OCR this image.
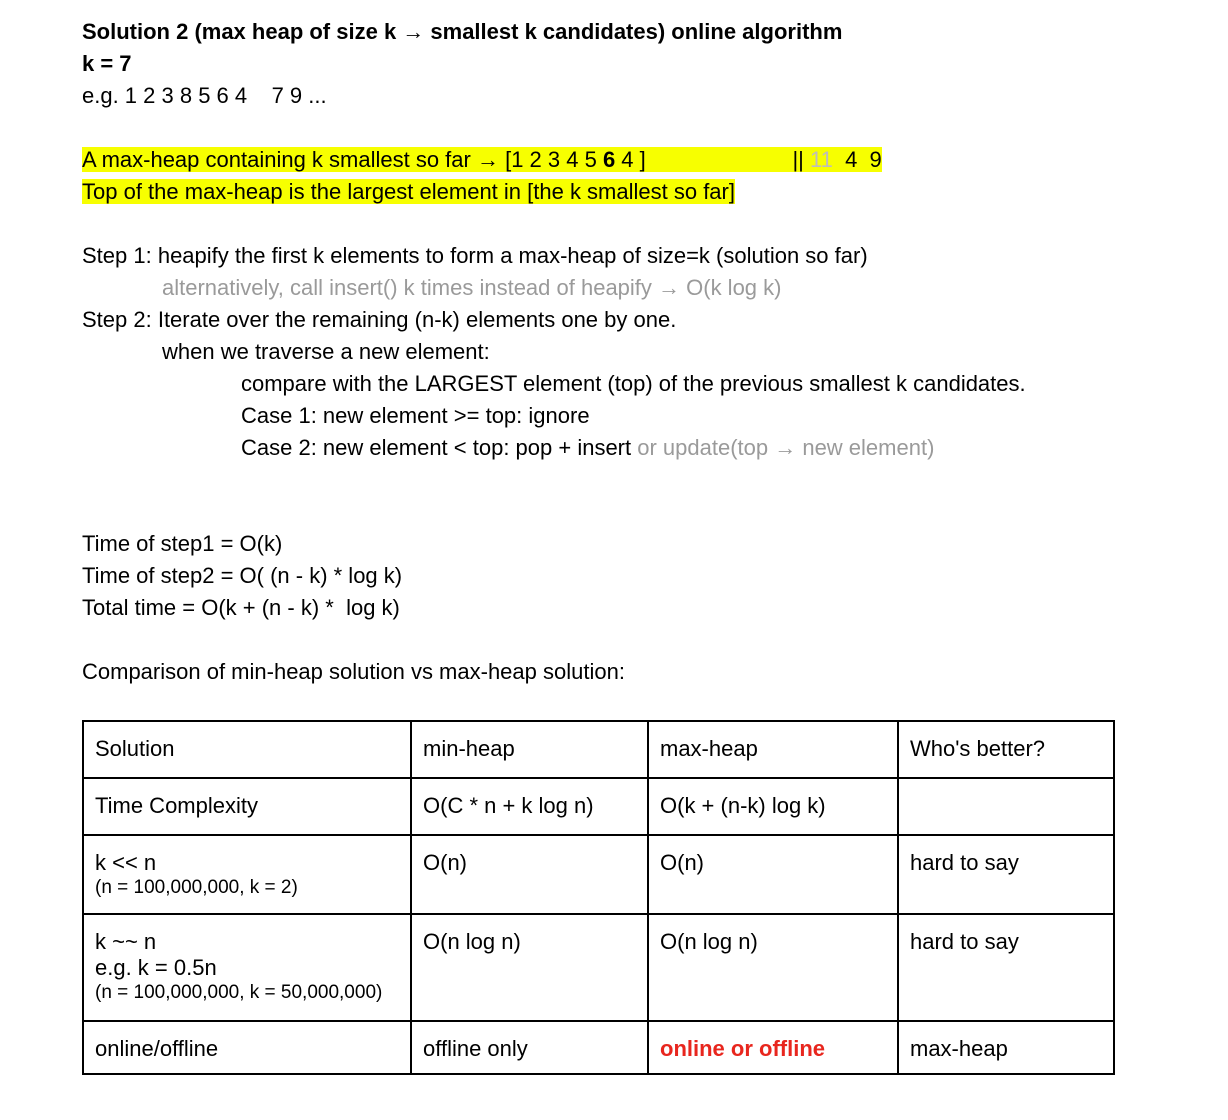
Solution 2 (max heap of size k → smallest k candidates) online algorithm
k = 7
e.g. 1 2 3 8 5 6 4    7 9 ...
A max-heap containing k smallest so far → [1 2 3 4 5 6 4 ]                        || 11  4  9
Top of the max-heap is the largest element in [the k smallest so far]
Step 1: heapify the first k elements to form a max-heap of size=k (solution so far)
alternatively, call insert() k times instead of heapify → O(k log k)
Step 2: Iterate over the remaining (n-k) elements one by one.
when we traverse a new element:
compare with the LARGEST element (top) of the previous smallest k candidates.
Case 1: new element >= top: ignore
Case 2: new element < top: pop + insert or update(top → new element)
Time of step1 = O(k)
Time of step2 = O( (n - k) * log k)
Total time = O(k + (n - k) *  log k)
Comparison of min-heap solution vs max-heap solution:
Solution	min-heap	max-heap	Who's better?
Time Complexity	O(C * n + k log n)	O(k + (n-k) log k)	
k << n
(n = 100,000,000, k = 2)	O(n)	O(n)	hard to say
k ~~ n
e.g. k = 0.5n
(n = 100,000,000, k = 50,000,000)	O(n log n)	O(n log n)	hard to say
online/offline	offline only	online or offline	max-heap
